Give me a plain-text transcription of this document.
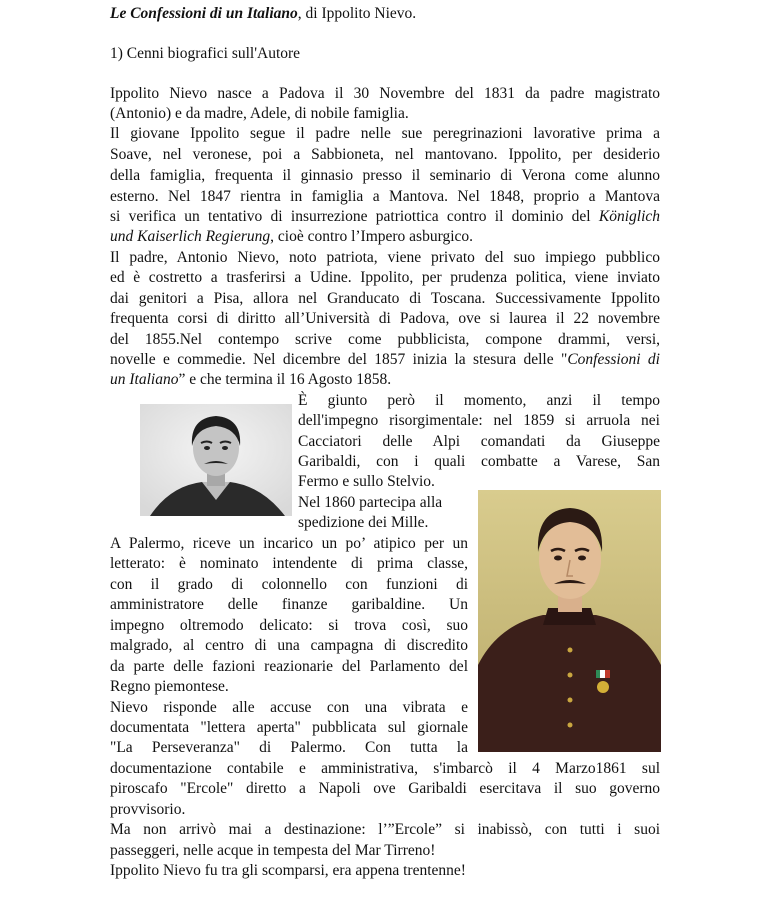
Le Confessioni di un Italiano, di Ippolito Nievo.
1) Cenni biografici sull'Autore
Ippolito Nievo nasce a Padova il 30 Novembre del 1831 da padre magistrato
(Antonio) e da madre, Adele, di nobile famiglia.
Il giovane Ippolito segue il padre nelle sue peregrinazioni lavorative prima a
Soave, nel veronese, poi a Sabbioneta, nel mantovano. Ippolito, per desiderio
della famiglia, frequenta il ginnasio presso il seminario di Verona come alunno
esterno. Nel 1847 rientra in famiglia a Mantova. Nel 1848, proprio a Mantova
si verifica un tentativo di insurrezione patriottica contro il dominio del Königlich
und Kaiserlich Regierung, cioè contro l’Impero asburgico.
Il padre, Antonio Nievo, noto patriota, viene privato del suo impiego pubblico
ed è costretto a trasferirsi a Udine. Ippolito, per prudenza politica, viene inviato
dai genitori a Pisa, allora nel Granducato di Toscana. Successivamente Ippolito
frequenta corsi di diritto all’Università di Padova, ove si laurea il 22 novembre
del 1855.Nel contempo scrive come pubblicista, compone drammi, versi,
novelle e commedie. Nel dicembre del 1857 inizia la stesura delle "Confessioni di
un Italiano” e che termina il 16 Agosto 1858.
È giunto però il momento, anzi il tempo
dell'impegno risorgimentale: nel 1859 si arruola nei
Cacciatori delle Alpi comandati da Giuseppe
Garibaldi, con i quali combatte a Varese, San
Fermo e sullo Stelvio.
Nel 1860 partecipa alla
spedizione dei Mille.
A Palermo, riceve un incarico un po’ atipico per un
letterato: è nominato intendente di prima classe,
con il grado di colonnello con funzioni di
amministratore delle finanze garibaldine. Un
impegno oltremodo delicato: si trova così, suo
malgrado, al centro di una campagna di discredito
da parte delle fazioni reazionarie del Parlamento del
Regno piemontese.
Nievo risponde alle accuse con una vibrata e
documentata "lettera aperta" pubblicata sul giornale
"La Perseveranza" di Palermo. Con tutta la
documentazione contabile e amministrativa, s'imbarcò il 4 Marzo1861 sul
piroscafo "Ercole" diretto a Napoli ove Garibaldi esercitava il suo governo
provvisorio.
Ma non arrivò mai a destinazione: l’”Ercole” si inabissò, con tutti i suoi
passeggeri, nelle acque in tempesta del Mar Tirreno!
Ippolito Nievo fu tra gli scomparsi, era appena trentenne!
